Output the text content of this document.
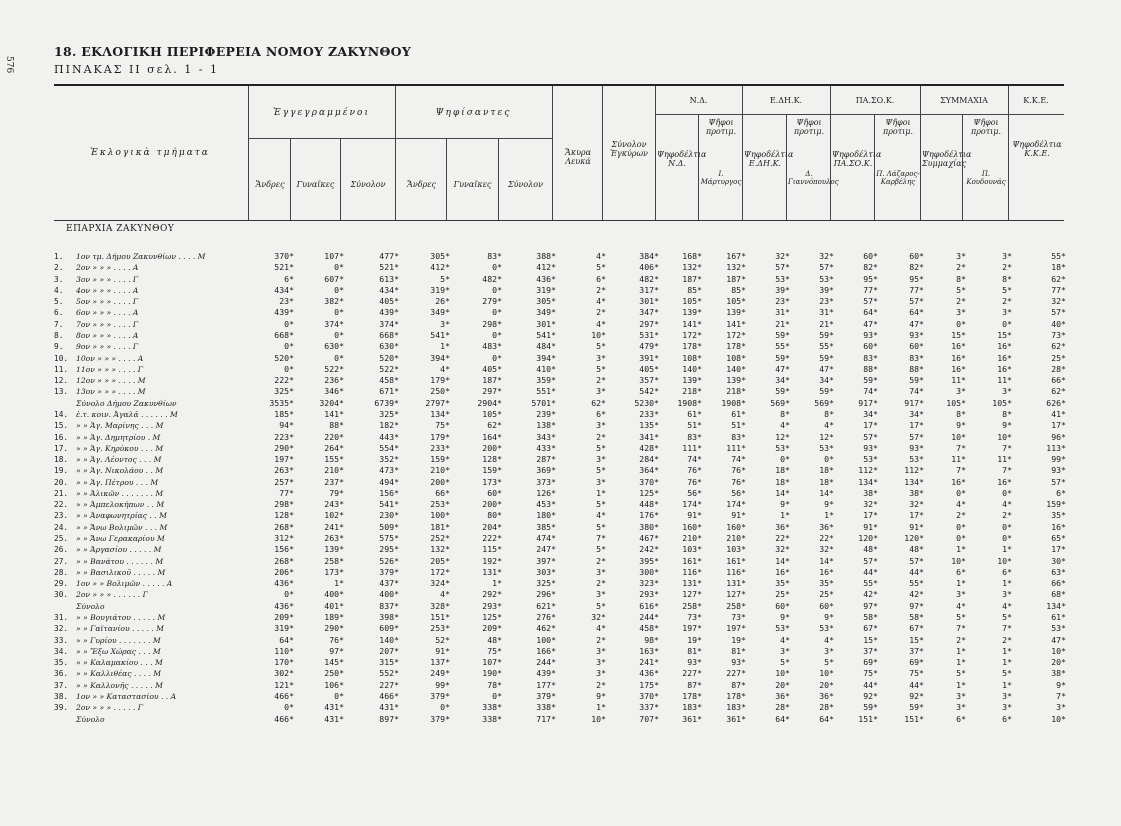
576
18. ΕΚΛΟΓΙΚΗ ΠΕΡΙΦΕΡΕΙΑ ΝΟΜΟΥ ΖΑΚΥΝΘΟΥ
ΠΙΝΑΚΑΣ II σελ. 1 - 1
Ἐκλογικὰ τμήματα
Ἐγγεγραμμένοι	Ψηφίσαντες
Ἄνδρες	Γυναῖκες	Σύνολον	Ἄνδρες	Γυναῖκες	Σύνολον
Ἄκυρα Λευκά
Σύνολον Ἐγκύρων
Ν.Δ.	Ε.ΔΗ.Κ.	ΠΑ.ΣΟ.Κ.	ΣΥΜΜΑΧΙΑ	Κ.Κ.Ε.
Ψηφοδέλτια Ν.Δ.
Ψῆφοι προτιμ.
Ι. Μάρτυργος
Ψηφοδέλτια Ε.ΔΗ.Κ.
Ψῆφοι προτιμ.
Δ. Γιαννόπουλος
Ψηφοδέλτια ΠΑ.ΣΟ.Κ.
Ψῆφοι προτιμ.
Π. Λάζαρος-Καρβέλης
Ψηφοδέλτια Συμμαχίας
Ψῆφοι προτιμ.
Π. Κουδουνάς
Ψηφοδέλτια Κ.Κ.Ε.
ΕΠΑΡΧΙΑ ΖΑΚΥΝΘΟΥ
1.	1ον τμ. Δήμου Ζακυνθίων . . . . Μ	370*	107*	477*	305*	83*	388*	4*	384*	168*	167*	32*	32*	60*	60*	3*	3*	55*
2.	2ον » » » . . . . Α	521*	0*	521*	412*	0*	412*	5*	406*	132*	132*	57*	57*	82*	82*	2*	2*	18*
3.	3ον » » » . . . . Γ	6*	607*	613*	5*	482*	436*	6*	482*	187*	187*	53*	53*	95*	95*	8*	8*	62*
4.	4ον » » » . . . . Α	434*	0*	434*	319*	0*	319*	2*	317*	85*	85*	39*	39*	77*	77*	5*	5*	77*
5.	5ον » » » . . . . Γ	23*	382*	405*	26*	279*	305*	4*	301*	105*	105*	23*	23*	57*	57*	2*	2*	32*
6.	6ον » » » . . . . Α	439*	0*	439*	349*	0*	349*	2*	347*	139*	139*	31*	31*	64*	64*	3*	3*	57*
7.	7ον » » » . . . . Γ	0*	374*	374*	3*	298*	301*	4*	297*	141*	141*	21*	21*	47*	47*	0*	0*	40*
8.	8ον » » » . . . . Α	668*	0*	668*	541*	0*	541*	10*	531*	172*	172*	59*	59*	93*	93*	15*	15*	73*
9.	9ον » » » . . . . Γ	0*	630*	630*	1*	483*	484*	5*	479*	178*	178*	55*	55*	60*	60*	16*	16*	62*
10.	10ον » » » . . . . Α	520*	0*	520*	394*	0*	394*	3*	391*	108*	108*	59*	59*	83*	83*	16*	16*	25*
11.	11ον » » » . . . . Γ	0*	522*	522*	4*	405*	410*	5*	405*	140*	140*	47*	47*	88*	88*	16*	16*	28*
12.	12ον » » » . . . . Μ	222*	236*	458*	179*	187*	359*	2*	357*	139*	139*	34*	34*	59*	59*	11*	11*	66*
13.	13ον » » » . . . . Μ	325*	346*	671*	250*	297*	551*	3*	542*	218*	218*	59*	59*	74*	74*	3*	3*	62*
	Σύνολο Δήμου Ζακυνθίων	3535*	3204*	6739*	2797*	2904*	5701*	62*	5230*	1908*	1908*	569*	569*	917*	917*	105*	105*	626*
14.	ἑ.τ. κοιν. Ἀγαλᾶ . . . . . . Μ	185*	141*	325*	134*	105*	239*	6*	233*	61*	61*	8*	8*	34*	34*	8*	8*	41*
15.	» » Ἁγ. Μαρίνης . . . Μ	94*	88*	182*	75*	62*	138*	3*	135*	51*	51*	4*	4*	17*	17*	9*	9*	17*
16.	» » Ἁγ. Δημητρίου . Μ	223*	220*	443*	179*	164*	343*	2*	341*	83*	83*	12*	12*	57*	57*	10*	10*	96*
17.	» » Ἁγ. Κηρύκου . . . Μ	290*	264*	554*	233*	200*	433*	5*	428*	111*	111*	53*	53*	93*	93*	7*	7*	113*
18.	» » Ἁγ. Λέοντος . . . Μ	197*	155*	352*	159*	128*	287*	3*	284*	74*	74*	0*	0*	53*	53*	11*	11*	99*
19.	» » Ἁγ. Νικολάου . . Μ	263*	210*	473*	210*	159*	369*	5*	364*	76*	76*	18*	18*	112*	112*	7*	7*	93*
20.	» » Ἁγ. Πέτρου . . . Μ	257*	237*	494*	200*	173*	373*	3*	370*	76*	76*	18*	18*	134*	134*	16*	16*	57*
21.	» » Ἀλικῶν . . . . . . . Μ	77*	79*	156*	66*	60*	126*	1*	125*	56*	56*	14*	14*	38*	38*	0*	0*	6*
22.	» » Ἀμπελοκήπων . . Μ	298*	243*	541*	253*	200*	453*	5*	448*	174*	174*	9*	9*	32*	32*	4*	4*	159*
23.	» » Ἀναφωνητρίας . . Μ	128*	102*	230*	100*	80*	180*	4*	176*	91*	91*	1*	1*	17*	17*	2*	2*	35*
24.	» » Ἄνω Βολιμῶν . . . Μ	268*	241*	509*	181*	204*	385*	5*	380*	160*	160*	36*	36*	91*	91*	0*	0*	16*
25.	» » Ἄνω Γερακαρίου Μ	312*	263*	575*	252*	222*	474*	7*	467*	210*	210*	22*	22*	120*	120*	0*	0*	65*
26.	» » Ἀργασίου . . . . . Μ	156*	139*	295*	132*	115*	247*	5*	242*	103*	103*	32*	32*	48*	48*	1*	1*	17*
27.	» » Βανάτου . . . . . . Μ	268*	258*	526*	205*	192*	397*	2*	395*	161*	161*	14*	14*	57*	57*	10*	10*	30*
28.	» » Βασιλικοῦ . . . . . Μ	206*	173*	379*	172*	131*	303*	3*	300*	116*	116*	16*	16*	44*	44*	6*	6*	63*
29.	1ον » » Βολιμῶν . . . . . Α	436*	1*	437*	324*	1*	325*	2*	323*	131*	131*	35*	35*	55*	55*	1*	1*	66*
30.	2ον » » » . . . . . . Γ	0*	400*	400*	4*	292*	296*	3*	293*	127*	127*	25*	25*	42*	42*	3*	3*	68*
	Σύνολο	436*	401*	837*	328*	293*	621*	5*	616*	258*	258*	60*	60*	97*	97*	4*	4*	134*
31.	» » Βουγιάτου . . . . . Μ	209*	189*	398*	151*	125*	276*	32*	244*	73*	73*	9*	9*	58*	58*	5*	5*	61*
32.	» » Γαϊτανίου . . . . . Μ	319*	290*	609*	253*	209*	462*	4*	458*	197*	197*	53*	53*	67*	67*	7*	7*	53*
33.	» » Γυρίου . . . . . . . Μ	64*	76*	140*	52*	48*	100*	2*	98*	19*	19*	4*	4*	15*	15*	2*	2*	47*
34.	» » Ἔξω Χώρας . . . Μ	110*	97*	207*	91*	75*	166*	3*	163*	81*	81*	3*	3*	37*	37*	1*	1*	10*
35.	» » Καλαμακίου . . . Μ	170*	145*	315*	137*	107*	244*	3*	241*	93*	93*	5*	5*	69*	69*	1*	1*	20*
36.	» » Καλλιθέας . . . . Μ	302*	250*	552*	249*	190*	439*	3*	436*	227*	227*	10*	10*	75*	75*	5*	5*	38*
37.	» » Καλλονῆς . . . . . Μ	121*	106*	227*	99*	78*	177*	2*	175*	87*	87*	20*	20*	44*	44*	1*	1*	9*
38.	1ον » » Καταστασίου . . Α	466*	0*	466*	379*	0*	379*	9*	370*	178*	178*	36*	36*	92*	92*	3*	3*	7*
39.	2ον » » » . . . . . Γ	0*	431*	431*	0*	338*	338*	1*	337*	183*	183*	28*	28*	59*	59*	3*	3*	3*
	Σύνολο	466*	431*	897*	379*	338*	717*	10*	707*	361*	361*	64*	64*	151*	151*	6*	6*	10*
